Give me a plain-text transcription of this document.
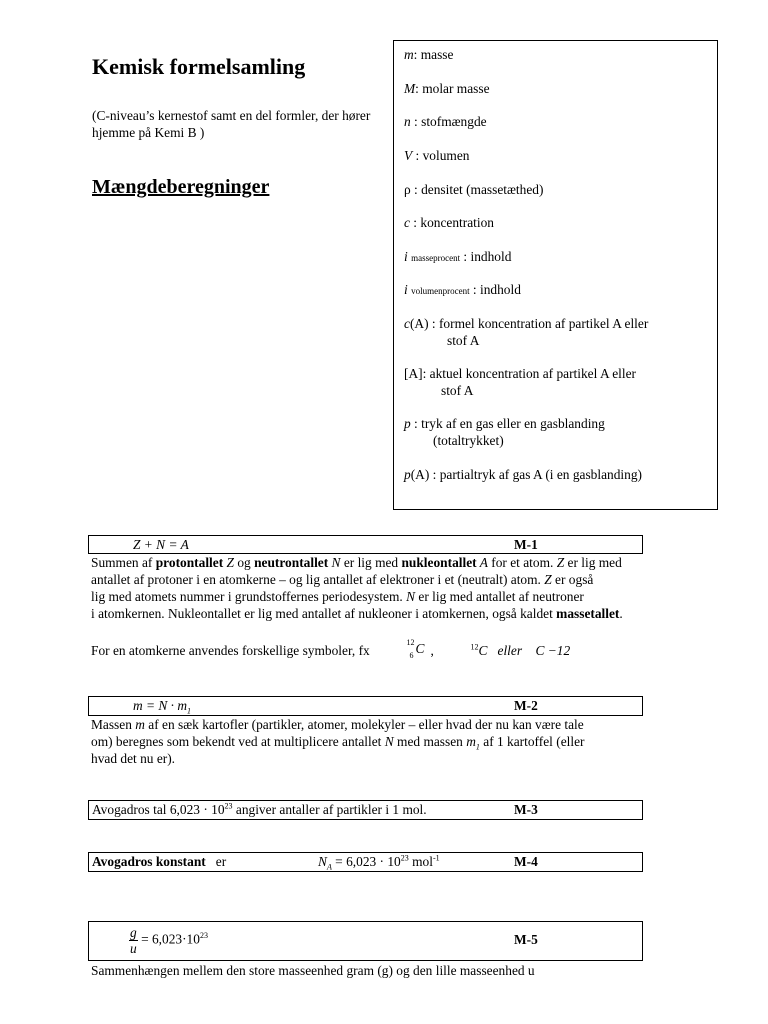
Kemisk formelsamling
(C-niveau’s kernestof samt en del formler, der hører hjemme på Kemi B )
Mængdeberegninger
m: masse
M: molar masse
n : stofmængde
V : volumen
ρ : densitet (massetæthed)
c : koncentration
i masseprocent : indhold
i volumenprocent : indhold
c(A) : formel koncentration af partikel A eller
stof A
[A]: aktuel koncentration af partikel A eller
stof A
p : tryk af en gas eller en gasblanding
(totaltrykket)
p(A) : partialtryk af gas A (i en gasblanding)
Z + N = A	M-1
Summen af protontallet Z og neutrontallet N er lig med nukleontallet A for et atom. Z er lig med
antallet af protoner i en atomkerne – og lig antallet af elektroner i et (neutralt) atom. Z er også
lig med atomets nummer i grundstoffernes periodesystem. N er lig med antallet af neutroner
i atomkernen. Nukleontallet er lig med antallet af nukleoner i atomkernen, også kaldet massetallet.
For en atomkerne anvendes forskellige symboler, fx
12
6 C ,	$^{12}$C eller C −12
$m = N \cdot m_1$	M-2
Massen m af en sæk kartofler (partikler, atomer, molekyler – eller hvad der nu kan være tale
om) beregnes som bekendt ved at multiplicere antallet N med massen $m_1$ af 1 kartoffel (eller
hvad det nu er).
Avogadros tal $6,023 \cdot 10^{23}$ angiver antaller af partikler i 1 mol.	M-3
Avogadros konstant er	$N_A = 6,023 \cdot 10^{23}$ mol$^{-1}$	M-4
$\frac{g}{u} = 6,023\cdot 10^{23}$	M-5
Sammenhængen mellem den store masseenhed gram (g) og den lille masseenhed u
